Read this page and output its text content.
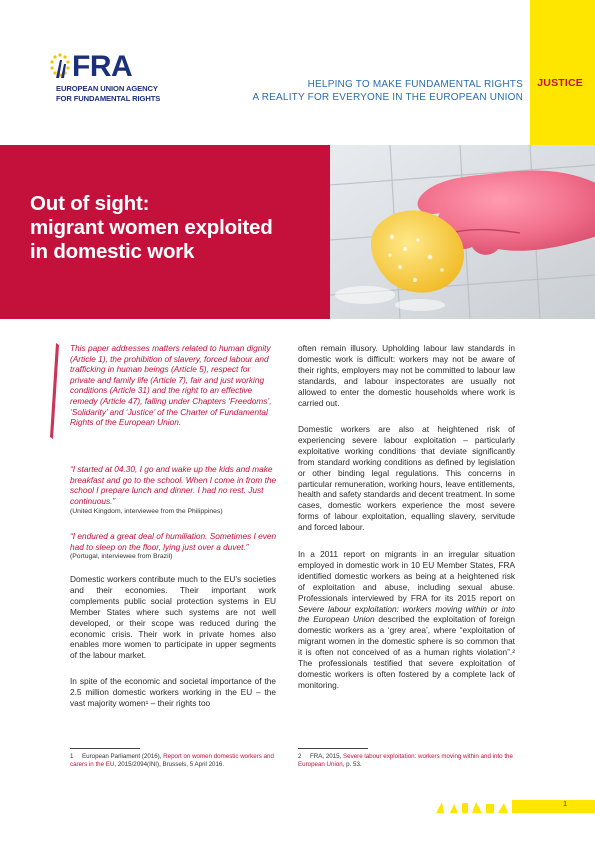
JUSTICE
FRA
EUROPEAN UNION AGENCY
FOR FUNDAMENTAL RIGHTS
HELPING TO MAKE FUNDAMENTAL RIGHTS
A REALITY FOR EVERYONE IN THE EUROPEAN UNION
Out of sight:
migrant women exploited
in domestic work
This paper addresses matters related to human dignity (Article 1), the prohibition of slavery, forced labour and trafficking in human beings (Article 5), respect for private and family life (Article 7), fair and just working conditions (Article 31) and the right to an effective remedy (Article 47), falling under Chapters ‘Freedoms’, ‘Solidarity’ and ‘Justice’ of the Charter of Fundamental Rights of the European Union.
“I started at 04.30, I go and wake up the kids and make breakfast and go to the school. When I come in from the school I prepare lunch and dinner. I had no rest. Just continuous.”
(United Kingdom, interviewee from the Philippines)
“I endured a great deal of humiliation. Sometimes I even had to sleep on the floor, lying just over a duvet.”
(Portugal, interviewee from Brazil)
Domestic workers contribute much to the EU’s societies and their economies. Their important work complements public social protection systems in EU Member States where such systems are not well developed, or their scope was reduced during the economic crisis. Their work in private homes also enables more women to participate in upper segments of the labour market.
In spite of the economic and societal importance of the 2.5 million domestic workers working in the EU – the vast majority women¹ – their rights too
often remain illusory. Upholding labour law standards in domestic work is difficult: workers may not be aware of their rights, employers may not be committed to labour law standards, and labour inspectorates are usually not allowed to enter the domestic households where work is carried out.
Domestic workers are also at heightened risk of experiencing severe labour exploitation – particularly exploitative working conditions that deviate significantly from standard working conditions as defined by legislation or other binding legal regulations. This concerns in particular remuneration, working hours, leave entitlements, health and safety standards and decent treatment. In some cases, domestic workers experience the most severe forms of labour exploitation, equalling slavery, servitude and forced labour.
In a 2011 report on migrants in an irregular situation employed in domestic work in 10 EU Member States, FRA identified domestic workers as being at a heightened risk of exploitation and abuse, including sexual abuse. Professionals interviewed by FRA for its 2015 report on Severe labour exploitation: workers moving within or into the European Union described the exploitation of foreign domestic workers as a ‘grey area’, where “exploitation of migrant women in the domestic sphere is so common that it is often not conceived of as a human rights violation”.² The professionals testified that severe exploitation of domestic workers is often fostered by a complete lack of monitoring.
1 European Parliament (2016), Report on women domestic workers and carers in the EU, 2015/2094(INI), Brussels, 5 April 2016.
2 FRA, 2015, Severe labour exploitation: workers moving within and into the European Union, p. 53.
1
